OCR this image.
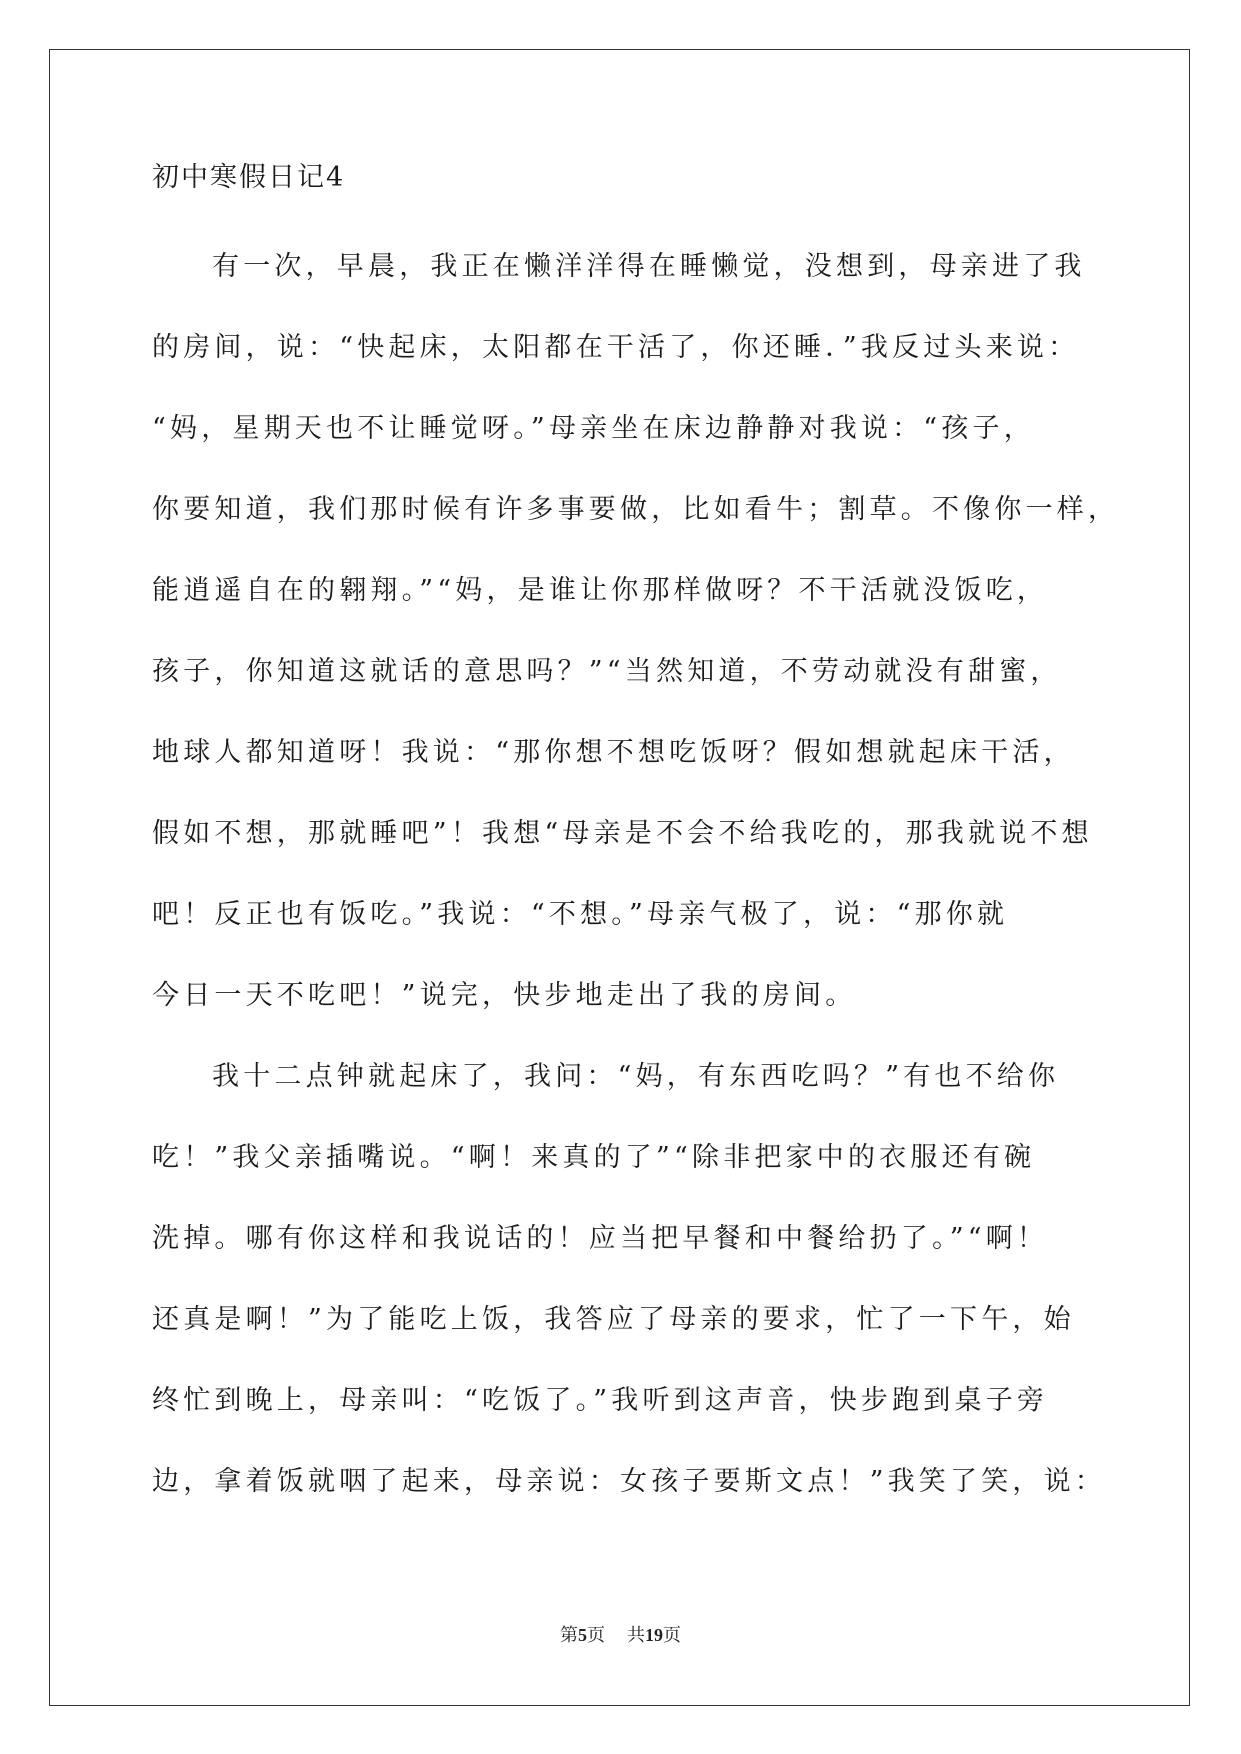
初中寒假日记4
有一次，早晨，我正在懒洋洋得在睡懒觉，没想到，母亲进了我
的房间，说：“快起床，太阳都在干活了，你还睡．”我反过头来说：
“妈，星期天也不让睡觉呀。”母亲坐在床边静静对我说：“孩子，
你要知道，我们那时候有许多事要做，比如看牛；割草。不像你一样，
能逍遥自在的翱翔。”“妈，是谁让你那样做呀？不干活就没饭吃，
孩子，你知道这就话的意思吗？”“当然知道，不劳动就没有甜蜜，
地球人都知道呀！我说：“那你想不想吃饭呀？假如想就起床干活，
假如不想，那就睡吧”！我想“母亲是不会不给我吃的，那我就说不想
吧！反正也有饭吃。”我说：“不想。”母亲气极了，说：“那你就
今日一天不吃吧！”说完，快步地走出了我的房间。
我十二点钟就起床了，我问：“妈，有东西吃吗？”有也不给你
吃！”我父亲插嘴说。“啊！来真的了”“除非把家中的衣服还有碗
洗掉。哪有你这样和我说话的！应当把早餐和中餐给扔了。”“啊！
还真是啊！”为了能吃上饭，我答应了母亲的要求，忙了一下午，始
终忙到晚上，母亲叫：“吃饭了。”我听到这声音，快步跑到桌子旁
边，拿着饭就咽了起来，母亲说：女孩子要斯文点！”我笑了笑，说：
第5页 共19页
